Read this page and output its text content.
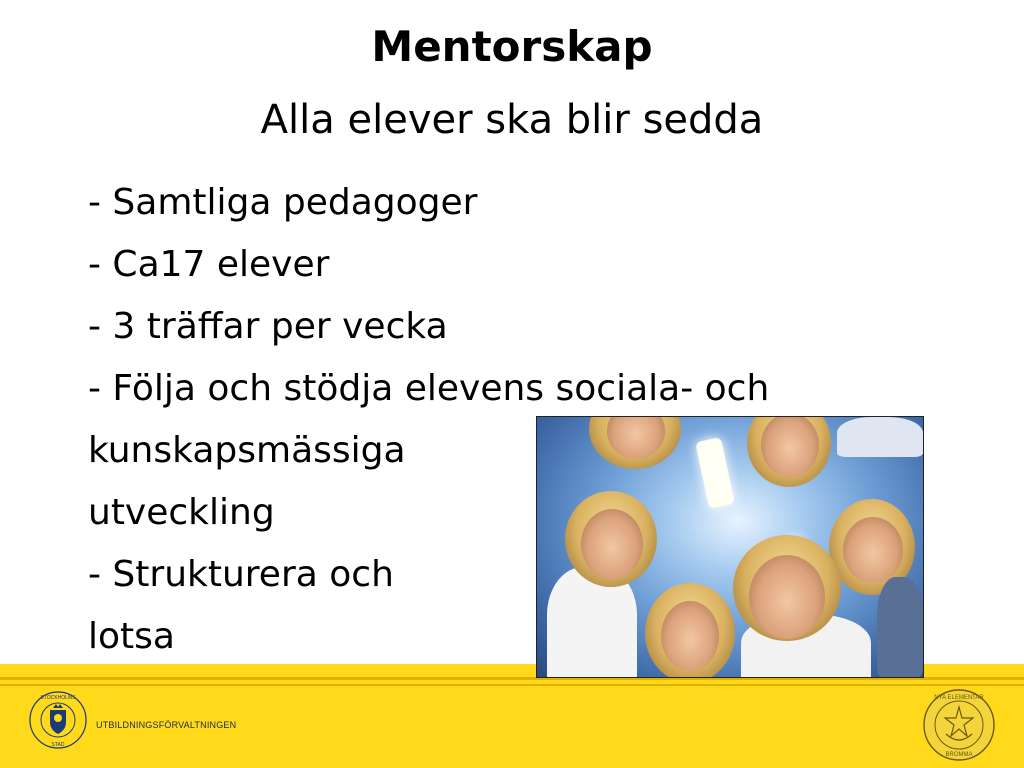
Mentorskap
Alla elever ska blir sedda
- Samtliga pedagoger
- Ca17 elever
- 3 träffar per vecka
- Följa och stödja elevens sociala- och
kunskapsmässiga
utveckling
- Strukturera och
lotsa
STOCKHOLMS
STAD
UTBILDNINGSFÖRVALTNINGEN
NYA ELEMENTAR
BROMMA
